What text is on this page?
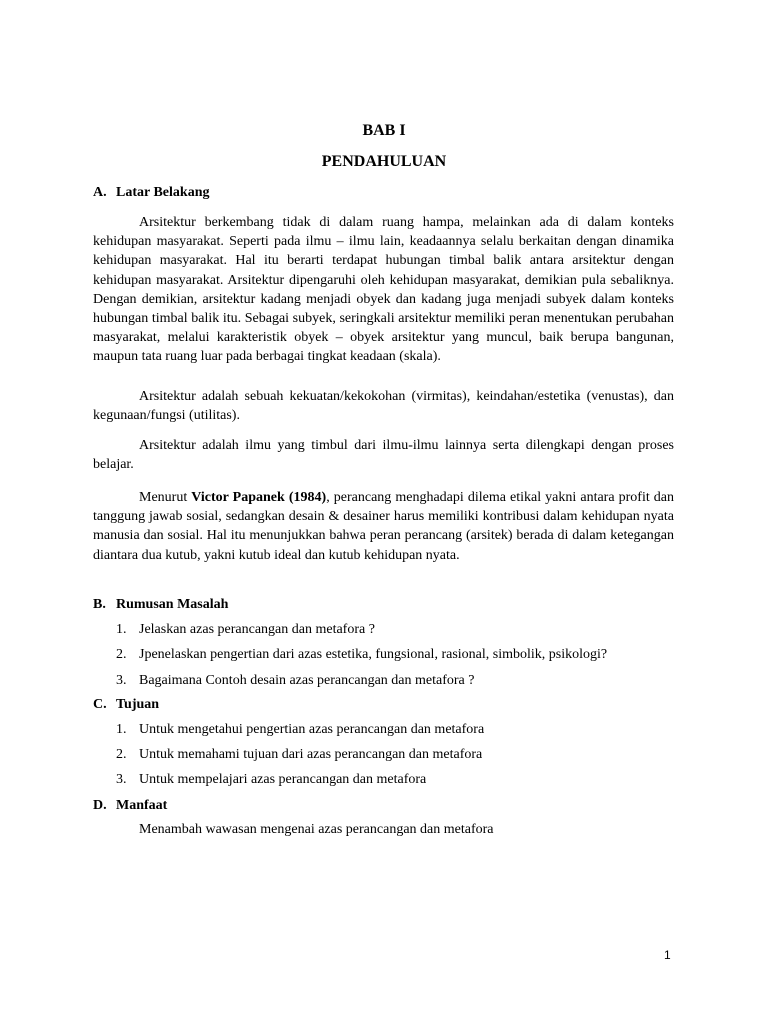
BAB I
PENDAHULUAN
A. Latar Belakang
Arsitektur berkembang tidak di dalam ruang hampa, melainkan ada di dalam konteks kehidupan masyarakat. Seperti pada ilmu – ilmu lain, keadaannya selalu berkaitan dengan dinamika kehidupan masyarakat. Hal itu berarti terdapat hubungan timbal balik antara arsitektur dengan kehidupan masyarakat. Arsitektur dipengaruhi oleh kehidupan masyarakat, demikian pula sebaliknya. Dengan demikian, arsitektur kadang menjadi obyek dan kadang juga menjadi subyek dalam konteks hubungan timbal balik itu. Sebagai subyek, seringkali arsitektur memiliki peran menentukan perubahan masyarakat, melalui karakteristik obyek – obyek arsitektur yang muncul, baik berupa bangunan, maupun tata ruang luar pada berbagai tingkat keadaan (skala).
Arsitektur adalah sebuah kekuatan/kekokohan (virmitas), keindahan/estetika (venustas), dan kegunaan/fungsi (utilitas).
Arsitektur adalah ilmu yang timbul dari ilmu-ilmu lainnya serta dilengkapi dengan proses belajar.
Menurut Victor Papanek (1984), perancang menghadapi dilema etikal yakni antara profit dan tanggung jawab sosial, sedangkan desain & desainer harus memiliki kontribusi dalam kehidupan nyata manusia dan sosial. Hal itu menunjukkan bahwa peran perancang (arsitek) berada di dalam ketegangan diantara dua kutub, yakni kutub ideal dan kutub kehidupan nyata.
B. Rumusan Masalah
1. Jelaskan azas perancangan dan metafora ?
2. Jpenelaskan pengertian dari azas estetika, fungsional, rasional, simbolik, psikologi?
3. Bagaimana Contoh desain azas perancangan dan metafora ?
C. Tujuan
1. Untuk mengetahui pengertian azas perancangan dan metafora
2. Untuk memahami tujuan dari azas perancangan dan metafora
3. Untuk mempelajari azas perancangan dan metafora
D. Manfaat
Menambah wawasan mengenai azas perancangan dan metafora
1
